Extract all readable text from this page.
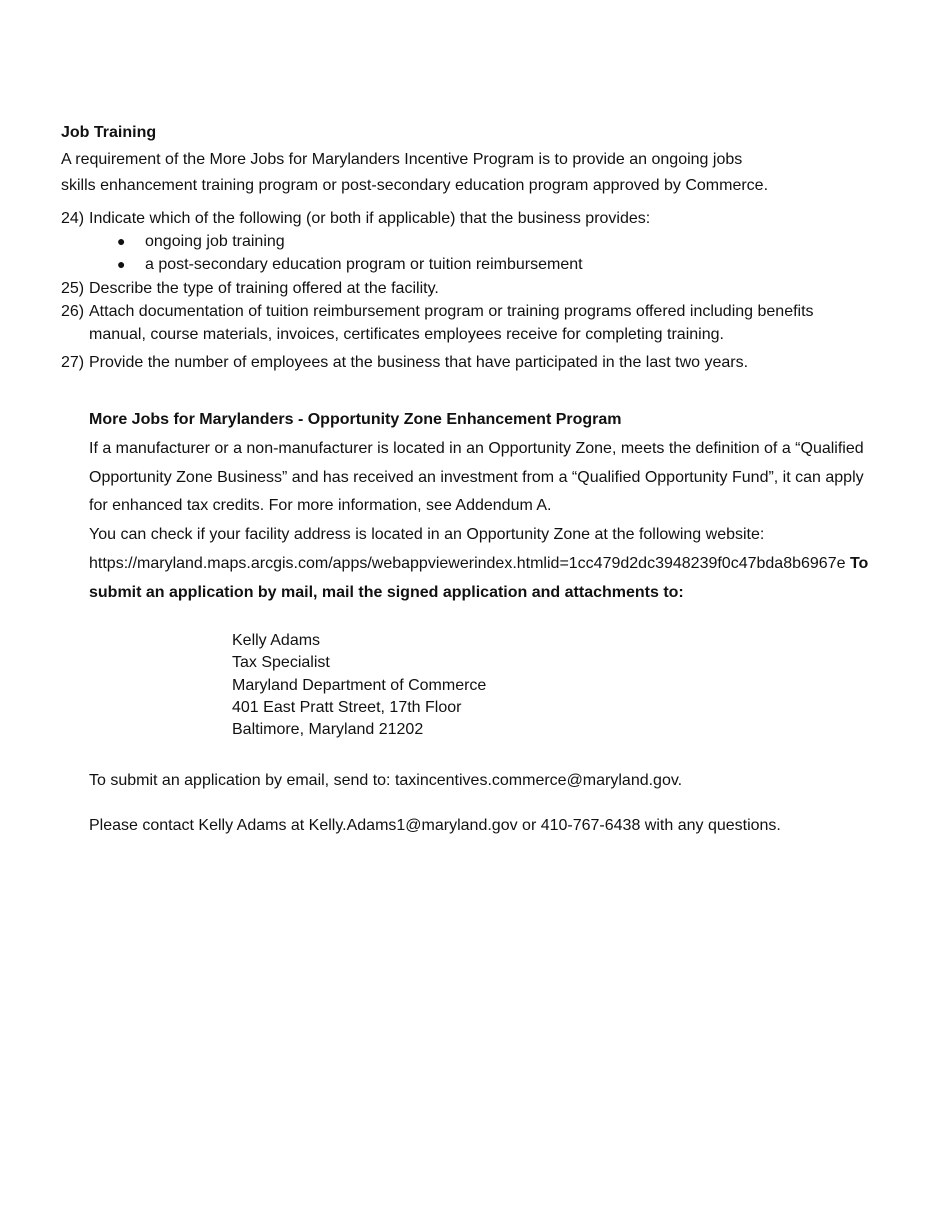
Job Training

A requirement of the More Jobs for Marylanders Incentive Program is to provide an ongoing jobs
skills enhancement training program or post-secondary education program approved by Commerce.

24) Indicate which of the following (or both if applicable) that the business provides:

● ongoing job training
● a post-secondary education program or tuition reimbursement

25) Describe the type of training offered at the facility.

26) Attach documentation of tuition reimbursement program or training programs offered including benefits
manual, course materials, invoices, certificates employees receive for completing training.

27) Provide the number of employees at the business that have participated in the last two years.

More Jobs for Marylanders - Opportunity Zone Enhancement Program

If a manufacturer or a non-manufacturer is located in an Opportunity Zone, meets the definition of a “Qualified
Opportunity Zone Business” and has received an investment from a “Qualified Opportunity Fund”, it can apply
for enhanced tax credits. For more information, see Addendum A.
You can check if your facility address is located in an Opportunity Zone at the following website:
https://maryland.maps.arcgis.com/apps/webappviewerindex.htmlid=1cc479d2dc3948239f0c47bda8b6967e To
submit an application by mail, mail the signed application and attachments to:

Kelly Adams
Tax Specialist
Maryland Department of Commerce
401 East Pratt Street, 17th Floor
Baltimore, Maryland 21202

To submit an application by email, send to: taxincentives.commerce@maryland.gov.

Please contact Kelly Adams at Kelly.Adams1@maryland.gov or 410-767-6438 with any questions.
